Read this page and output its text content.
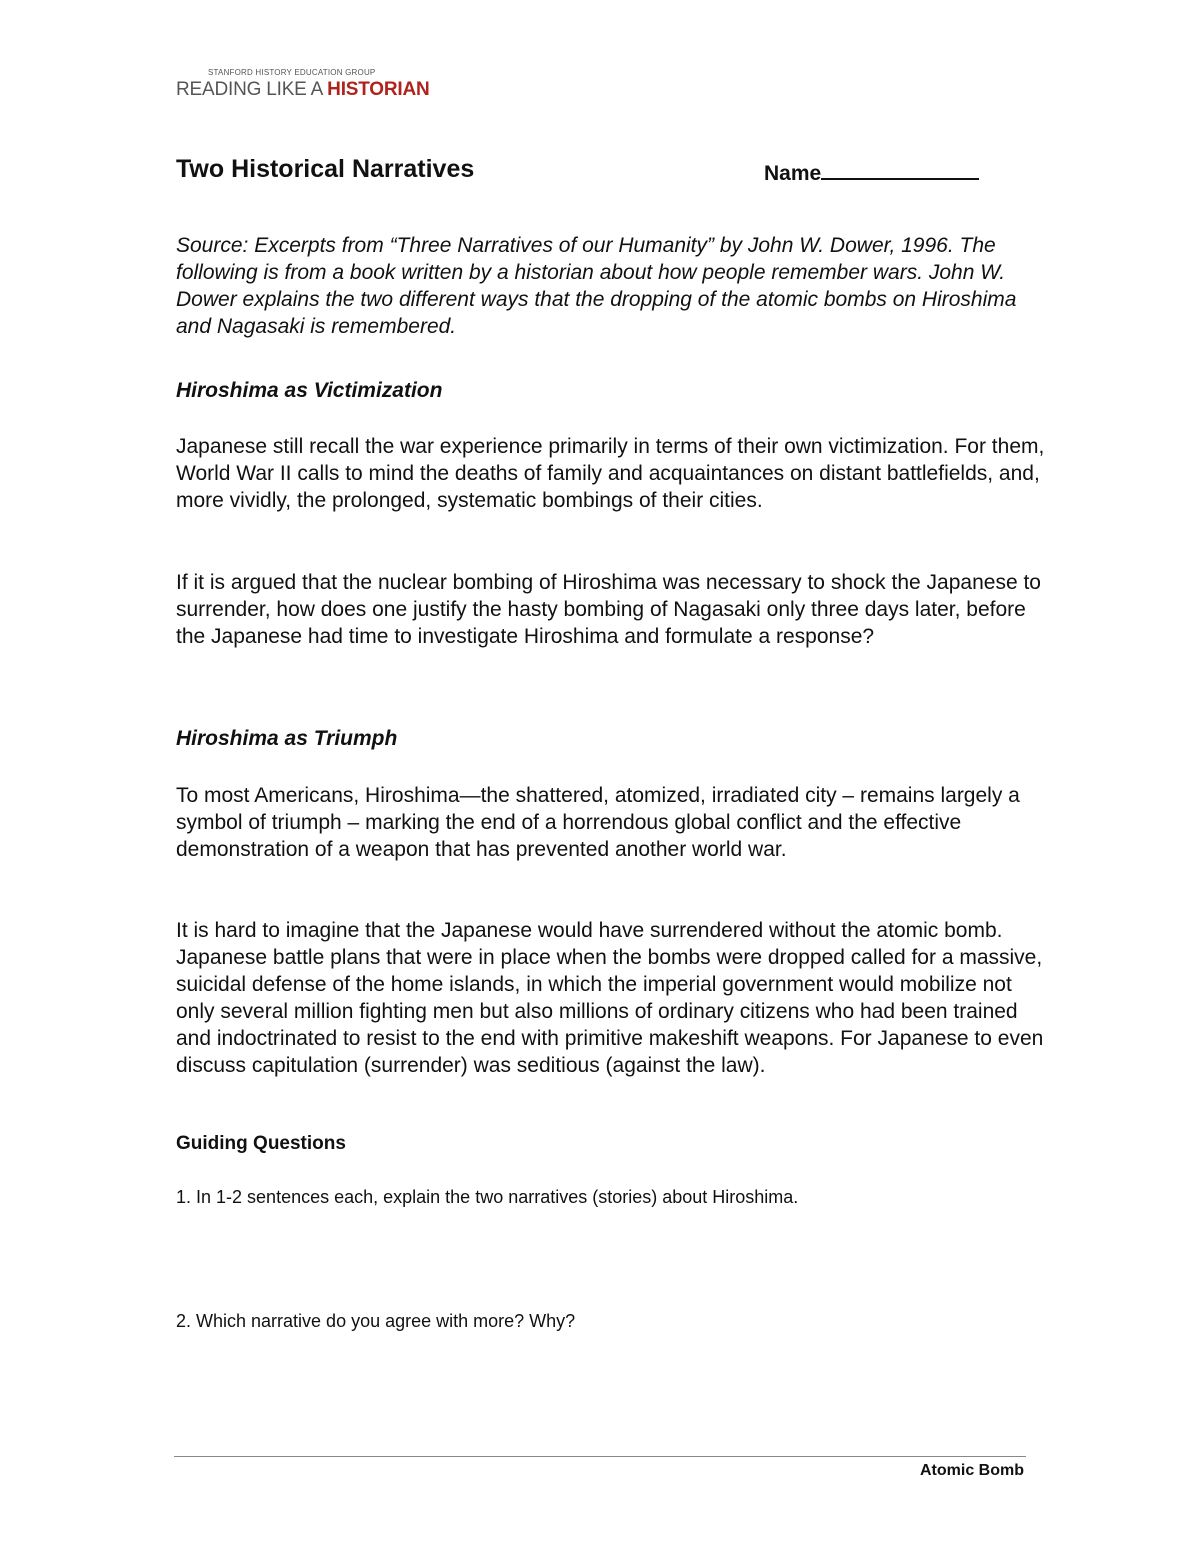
STANFORD HISTORY EDUCATION GROUP
READING LIKE A HISTORIAN
Two Historical Narratives	Name

Source: Excerpts from “Three Narratives of our Humanity” by John W. Dower, 1996. The following is from a book written by a historian about how people remember wars. John W. Dower explains the two different ways that the dropping of the atomic bombs on Hiroshima and Nagasaki is remembered.

Hiroshima as Victimization

Japanese still recall the war experience primarily in terms of their own victimization. For them, World War II calls to mind the deaths of family and acquaintances on distant battlefields, and, more vividly, the prolonged, systematic bombings of their cities.

If it is argued that the nuclear bombing of Hiroshima was necessary to shock the Japanese to surrender, how does one justify the hasty bombing of Nagasaki only three days later, before the Japanese had time to investigate Hiroshima and formulate a response?

Hiroshima as Triumph

To most Americans, Hiroshima—the shattered, atomized, irradiated city – remains largely a symbol of triumph – marking the end of a horrendous global conflict and the effective demonstration of a weapon that has prevented another world war.

It is hard to imagine that the Japanese would have surrendered without the atomic bomb. Japanese battle plans that were in place when the bombs were dropped called for a massive, suicidal defense of the home islands, in which the imperial government would mobilize not only several million fighting men but also millions of ordinary citizens who had been trained and indoctrinated to resist to the end with primitive makeshift weapons. For Japanese to even discuss capitulation (surrender) was seditious (against the law).

Guiding Questions

1. In 1-2 sentences each, explain the two narratives (stories) about Hiroshima.

2. Which narrative do you agree with more? Why?

Atomic Bomb
